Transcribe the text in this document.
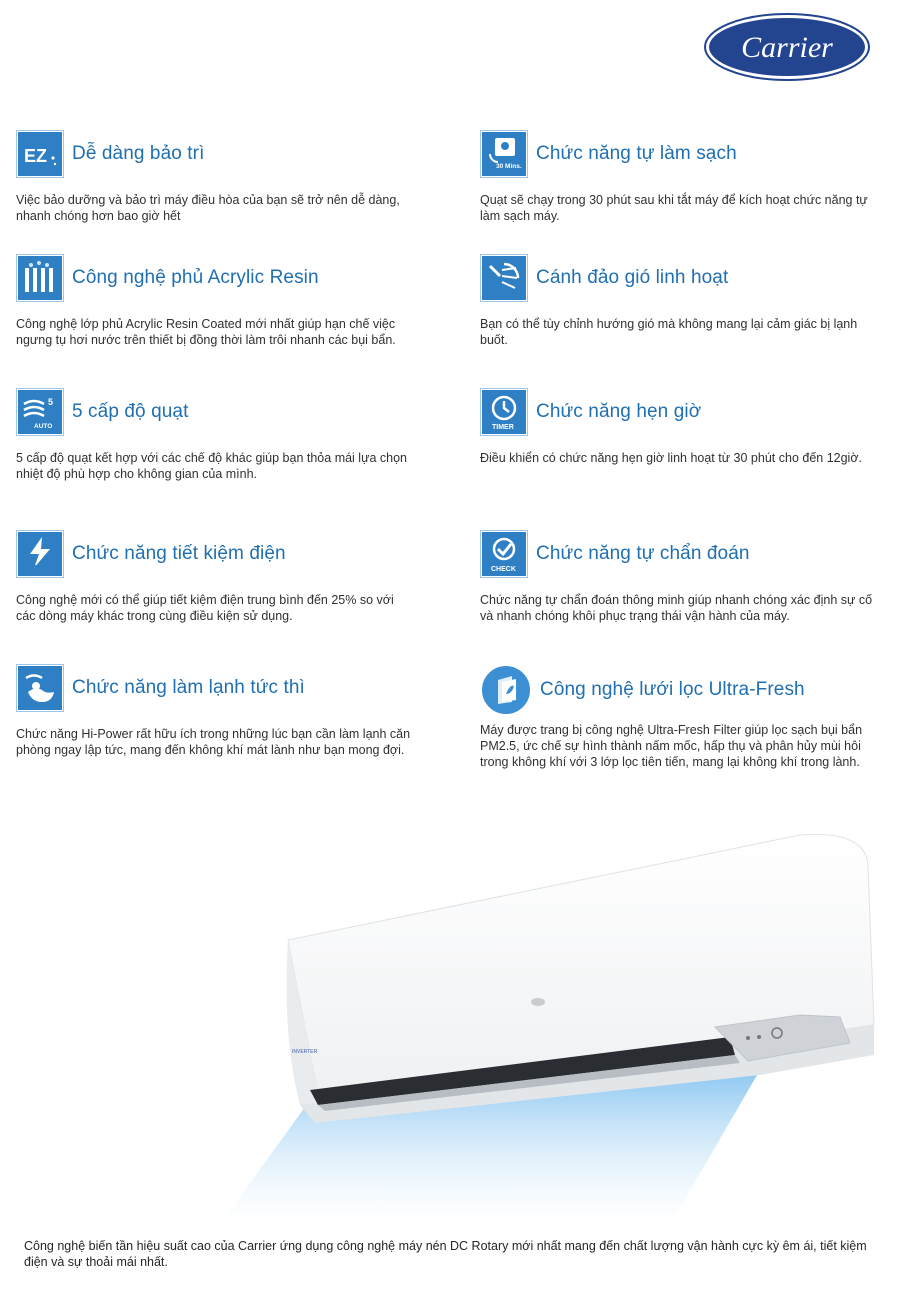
Carrier
EZ Dễ dàng bảo trì
Việc bảo dưỡng và bảo trì máy điều hòa của bạn sẽ trở nên dễ dàng, nhanh chóng hơn bao giờ hết
30 Mins.
Chức năng tự làm sạch
Quạt sẽ chạy trong 30 phút sau khi tắt máy để kích hoạt chức năng tự làm sạch máy.
Công nghệ phủ Acrylic Resin
Công nghệ lớp phủ Acrylic Resin Coated mới nhất giúp hạn chế việc ngưng tụ hơi nước trên thiết bị đồng thời làm trôi nhanh các bụi bẩn.
Cánh đảo gió linh hoạt
Bạn có thể tùy chỉnh hướng gió mà không mang lại cảm giác bị lạnh buốt.
5
AUTO
5 cấp độ quạt
5 cấp độ quạt kết hợp với các chế độ khác giúp bạn thỏa mái lựa chọn nhiệt độ phù hợp cho không gian của mình.
TIMER
Chức năng hẹn giờ
Điều khiển có chức năng hẹn giờ linh hoạt từ 30 phút cho đến 12giờ.
ECO
Chức năng tiết kiệm điện
Công nghệ mới có thể giúp tiết kiệm điện trung bình đến 25% so với các dòng máy khác trong cùng điều kiện sử dụng.
CHECK
Chức năng tự chẩn đoán
Chức năng tự chẩn đoán thông minh giúp nhanh chóng xác định sự cố và nhanh chóng khôi phục trạng thái vận hành của máy.
Chức năng làm lạnh tức thì
Chức năng Hi-Power rất hữu ích trong những lúc bạn cần làm lạnh căn phòng ngay lập tức, mang đến không khí mát lành như bạn mong đợi.
Công nghệ lưới lọc Ultra-Fresh
Máy được trang bị công nghệ Ultra-Fresh Filter giúp lọc sạch bụi bẩn PM2.5, ức chế sự hình thành nấm mốc, hấp thụ và phân hủy mùi hôi trong không khí với 3 lớp lọc tiên tiến, mang lại không khí trong lành.
INVERTER
Công nghệ biến tần hiệu suất cao của Carrier ứng dụng công nghệ máy nén DC Rotary mới nhất mang đến chất lượng vận hành cực kỳ êm ái, tiết kiệm điện và sự thoải mái nhất.
